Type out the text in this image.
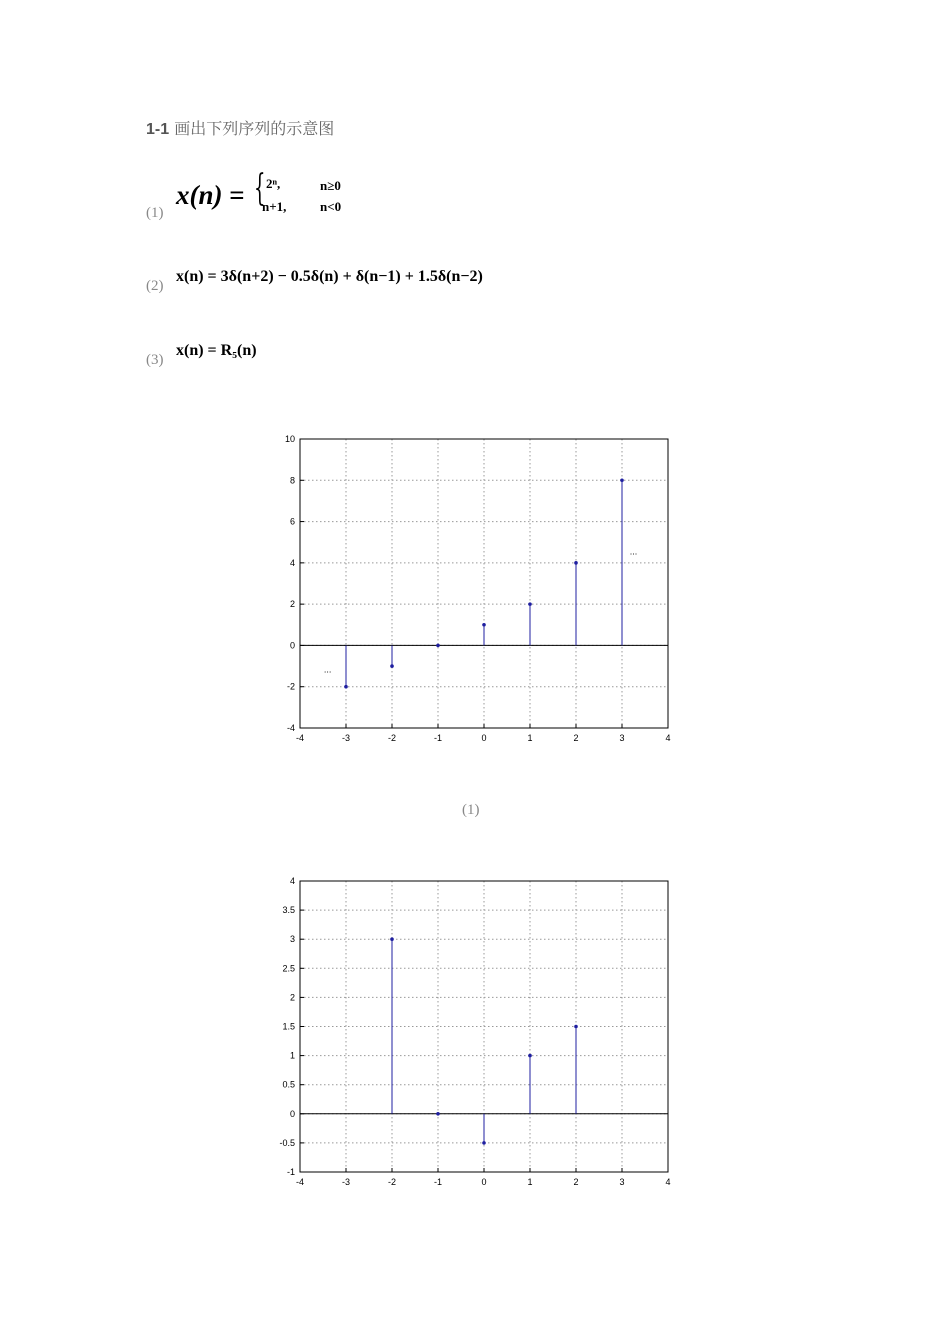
1-1 画出下列序列的示意图
(1)
x(n) = { 2ⁿ,	n≥0
n+1,	n<0
(2)
x(n) = 3δ(n+2) − 0.5δ(n) + δ(n−1) + 1.5δ(n−2)
(3)
x(n) = R₅(n)
-4	-3	-2	-1	0	1	2	3	4
-4
-2
0
2
4
6
8
10
...
...
(1)
-4	-3	-2	-1	0	1	2	3	4
-1
-0.5
0
0.5
1
1.5
2
2.5
3
3.5
4
